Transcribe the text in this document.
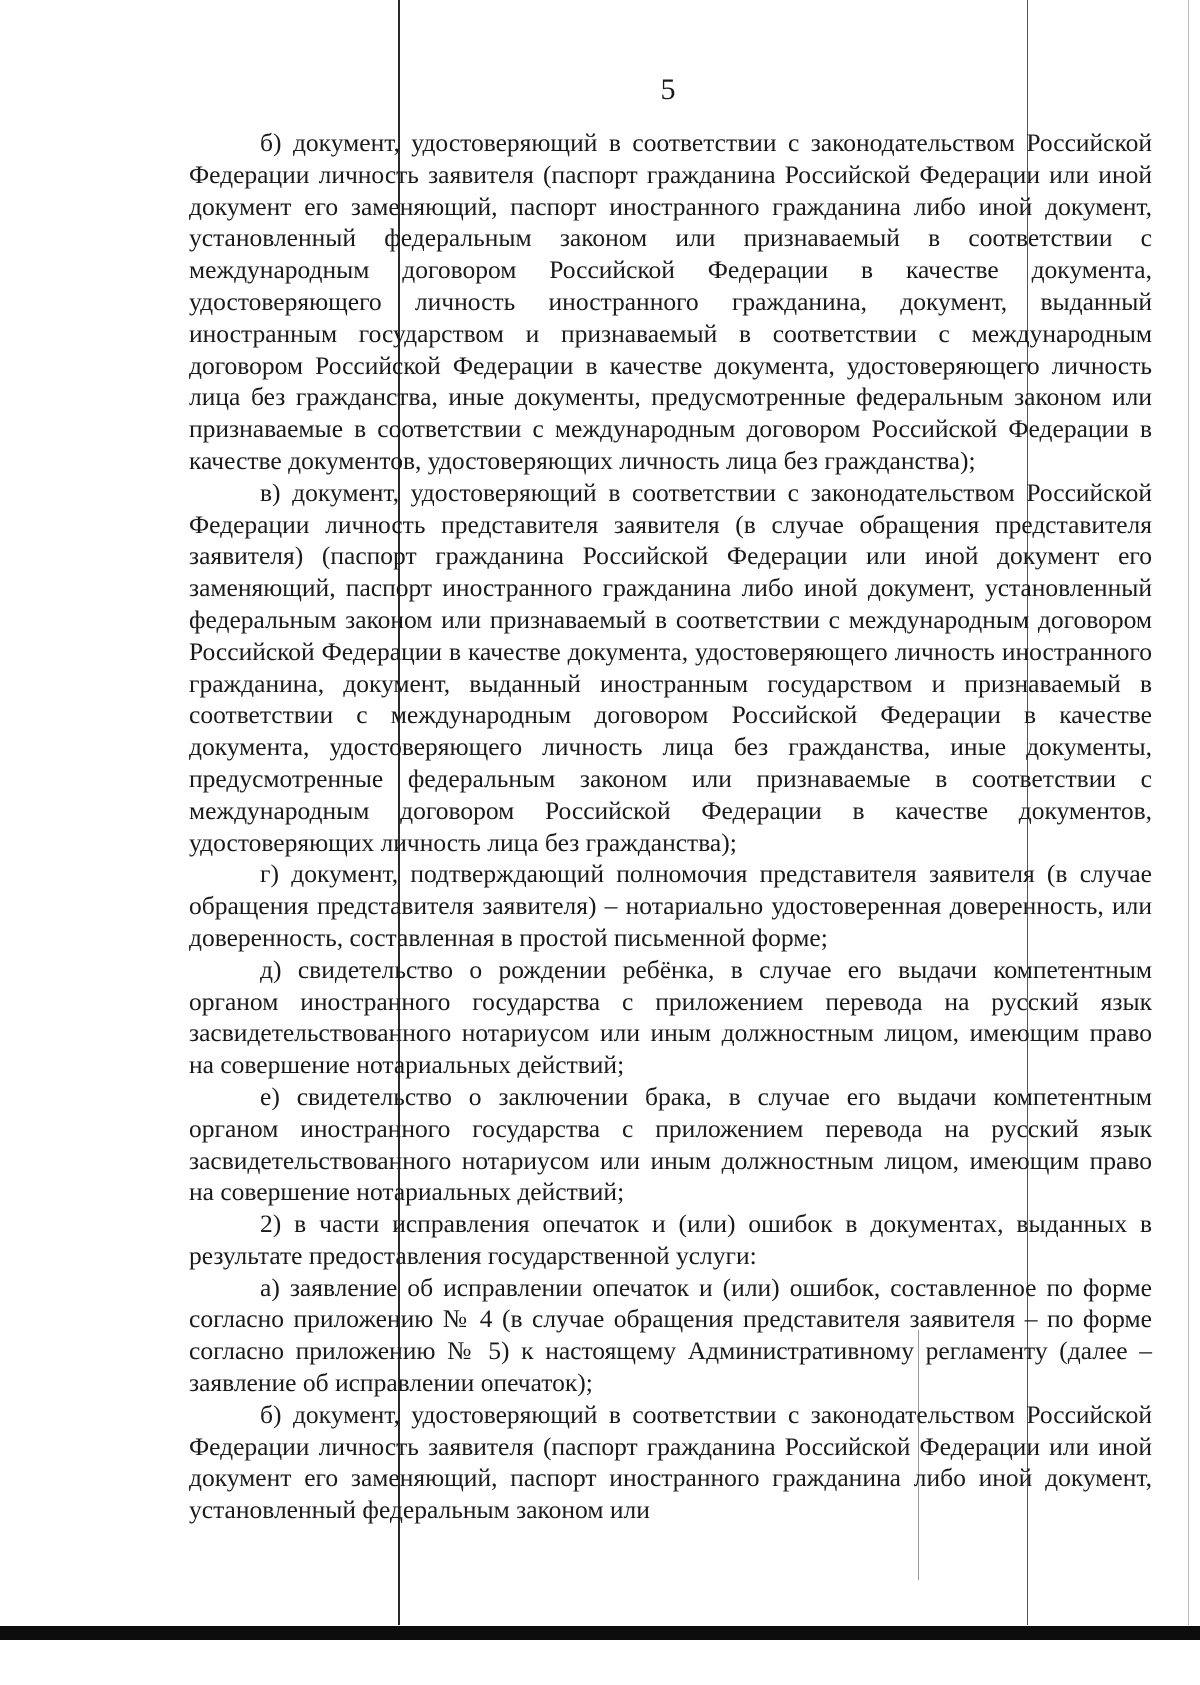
5

б) документ, удостоверяющий в соответствии с законодательством Российской Федерации личность заявителя (паспорт гражданина Российской Федерации или иной документ его заменяющий, паспорт иностранного гражданина либо иной документ, установленный федеральным законом или признаваемый в соответствии с международным договором Российской Федерации в качестве документа, удостоверяющего личность иностранного гражданина, документ, выданный иностранным государством и признаваемый в соответствии с международным договором Российской Федерации в качестве документа, удостоверяющего личность лица без гражданства, иные документы, предусмотренные федеральным законом или признаваемые в соответствии с международным договором Российской Федерации в качестве документов, удостоверяющих личность лица без гражданства);

в) документ, удостоверяющий в соответствии с законодательством Российской Федерации личность представителя заявителя (в случае обращения представителя заявителя) (паспорт гражданина Российской Федерации или иной документ его заменяющий, паспорт иностранного гражданина либо иной документ, установленный федеральным законом или признаваемый в соответствии с международным договором Российской Федерации в качестве документа, удостоверяющего личность иностранного гражданина, документ, выданный иностранным государством и признаваемый в соответствии с международным договором Российской Федерации в качестве документа, удостоверяющего личность лица без гражданства, иные документы, предусмотренные федеральным законом или признаваемые в соответствии с международным договором Российской Федерации в качестве документов, удостоверяющих личность лица без гражданства);

г) документ, подтверждающий полномочия представителя заявителя (в случае обращения представителя заявителя) – нотариально удостоверенная доверенность, или доверенность, составленная в простой письменной форме;

д) свидетельство о рождении ребёнка, в случае его выдачи компетентным органом иностранного государства с приложением перевода на русский язык засвидетельствованного нотариусом или иным должностным лицом, имеющим право на совершение нотариальных действий;

е) свидетельство о заключении брака, в случае его выдачи компетентным органом иностранного государства с приложением перевода на русский язык засвидетельствованного нотариусом или иным должностным лицом, имеющим право на совершение нотариальных действий;

2) в части исправления опечаток и (или) ошибок в документах, выданных в результате предоставления государственной услуги:

а) заявление об исправлении опечаток и (или) ошибок, составленное по форме согласно приложению № 4 (в случае обращения представителя заявителя – по форме согласно приложению № 5) к настоящему Административному регламенту (далее – заявление об исправлении опечаток);

б) документ, удостоверяющий в соответствии с законодательством Российской Федерации личность заявителя (паспорт гражданина Российской Федерации или иной документ его заменяющий, паспорт иностранного гражданина либо иной документ, установленный федеральным законом или
